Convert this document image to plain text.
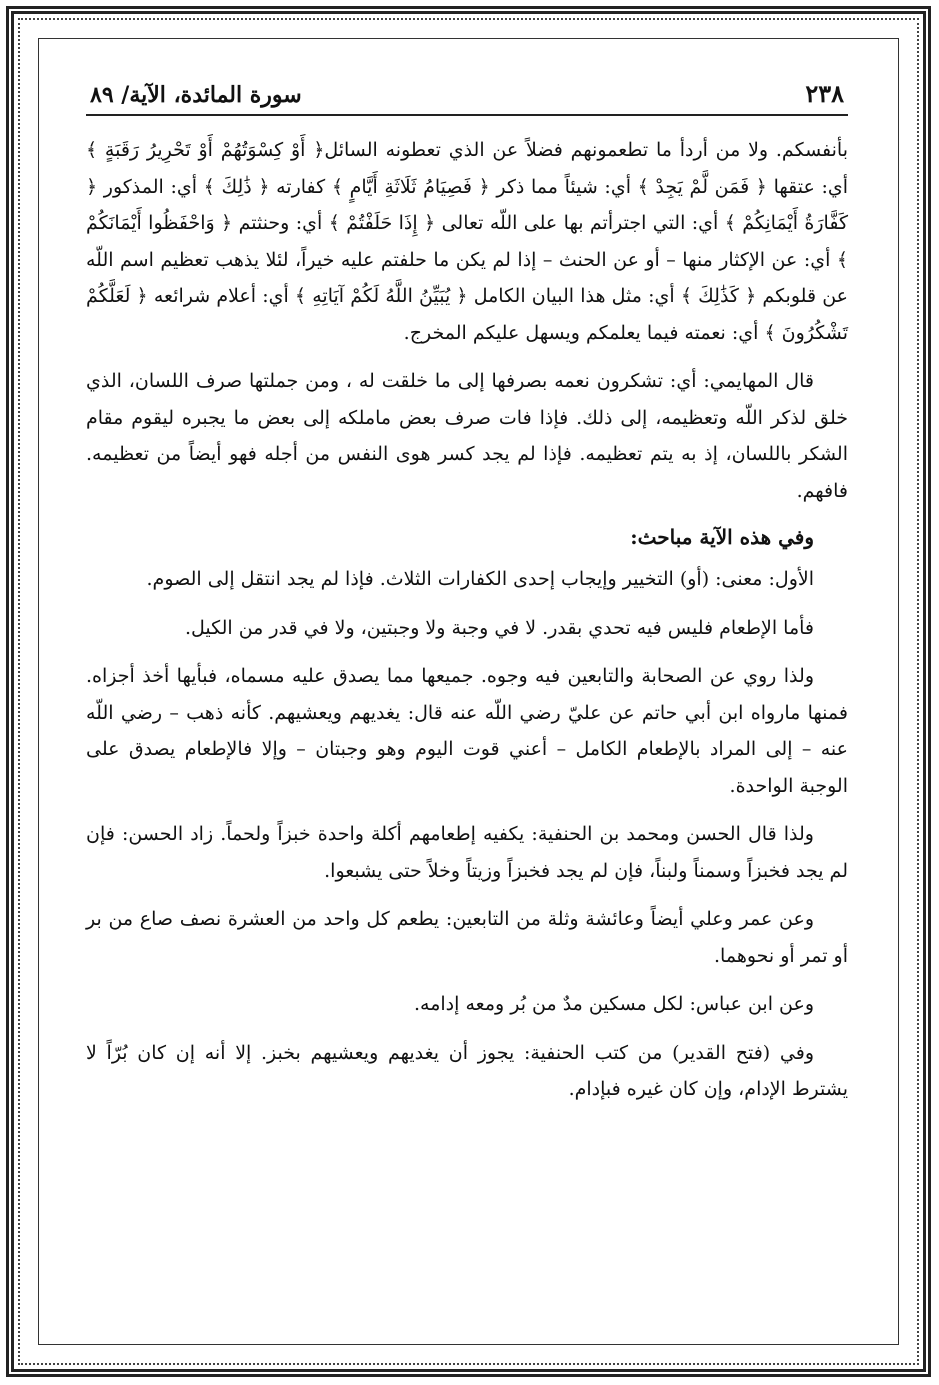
٢٣٨
سورة المائدة، الآية/ ٨٩

بأنفسكم. ولا من أردأ ما تطعمونهم فضلاً عن الذي تعطونه السائل﴿ أَوْ كِسْوَتُهُمْ أَوْ تَحْرِيرُ رَقَبَةٍ ﴾ أي: عتقها ﴿ فَمَن لَّمْ يَجِدْ ﴾ أي: شيئاً مما ذكر ﴿ فَصِيَامُ ثَلَاثَةِ أَيَّامٍ ﴾ كفارته ﴿ ذَٰلِكَ ﴾ أي: المذكور ﴿ كَفَّارَةُ أَيْمَانِكُمْ ﴾ أي: التي اجترأتم بها على اللّه تعالى ﴿ إِذَا حَلَفْتُمْ ﴾ أي: وحنثتم ﴿ وَاحْفَظُوا أَيْمَانَكُمْ ﴾ أي: عن الإكثار منها – أو عن الحنث – إذا لم يكن ما حلفتم عليه خيراً، لئلا يذهب تعظيم اسم اللّه عن قلوبكم ﴿ كَذَٰلِكَ ﴾ أي: مثل هذا البيان الكامل ﴿ يُبَيِّنُ اللَّهُ لَكُمْ آيَاتِهِ ﴾ أي: أعلام شرائعه ﴿ لَعَلَّكُمْ تَشْكُرُونَ ﴾ أي: نعمته فيما يعلمكم ويسهل عليكم المخرج.

قال المهايمي: أي: تشكرون نعمه بصرفها إلى ما خلقت له ، ومن جملتها صرف اللسان، الذي خلق لذكر اللّه وتعظيمه، إلى ذلك. فإذا فات صرف بعض ماملكه إلى بعض ما يجبره ليقوم مقام الشكر باللسان، إذ به يتم تعظيمه. فإذا لم يجد كسر هوى النفس من أجله فهو أيضاً من تعظيمه. فافهم.

وفي هذه الآية مباحث:

الأول: معنى: (أو) التخيير وإيجاب إحدى الكفارات الثلاث. فإذا لم يجد انتقل إلى الصوم.

فأما الإطعام فليس فيه تحدي بقدر. لا في وجبة ولا وجبتين، ولا في قدر من الكيل.

ولذا روي عن الصحابة والتابعين فيه وجوه. جميعها مما يصدق عليه مسماه، فبأيها أخذ أجزاه. فمنها مارواه ابن أبي حاتم عن عليّ رضي اللّه عنه قال: يغديهم ويعشيهم. كأنه ذهب – رضي اللّه عنه – إلى المراد بالإطعام الكامل – أعني قوت اليوم وهو وجبتان – وإلا فالإطعام يصدق على الوجبة الواحدة.

ولذا قال الحسن ومحمد بن الحنفية: يكفيه إطعامهم أكلة واحدة خبزاً ولحماً. زاد الحسن: فإن لم يجد فخبزاً وسمناً ولبناً، فإن لم يجد فخبزاً وزيتاً وخلاً حتى يشبعوا.

وعن عمر وعلي أيضاً وعائشة وثلة من التابعين: يطعم كل واحد من العشرة نصف صاع من بر أو تمر أو نحوهما.

وعن ابن عباس: لكل مسكين مدٌ من بُر ومعه إدامه.

وفي (فتح القدير) من كتب الحنفية: يجوز أن يغديهم ويعشيهم بخبز. إلا أنه إن كان بُرّاً لا يشترط الإدام، وإن كان غيره فبإدام.
